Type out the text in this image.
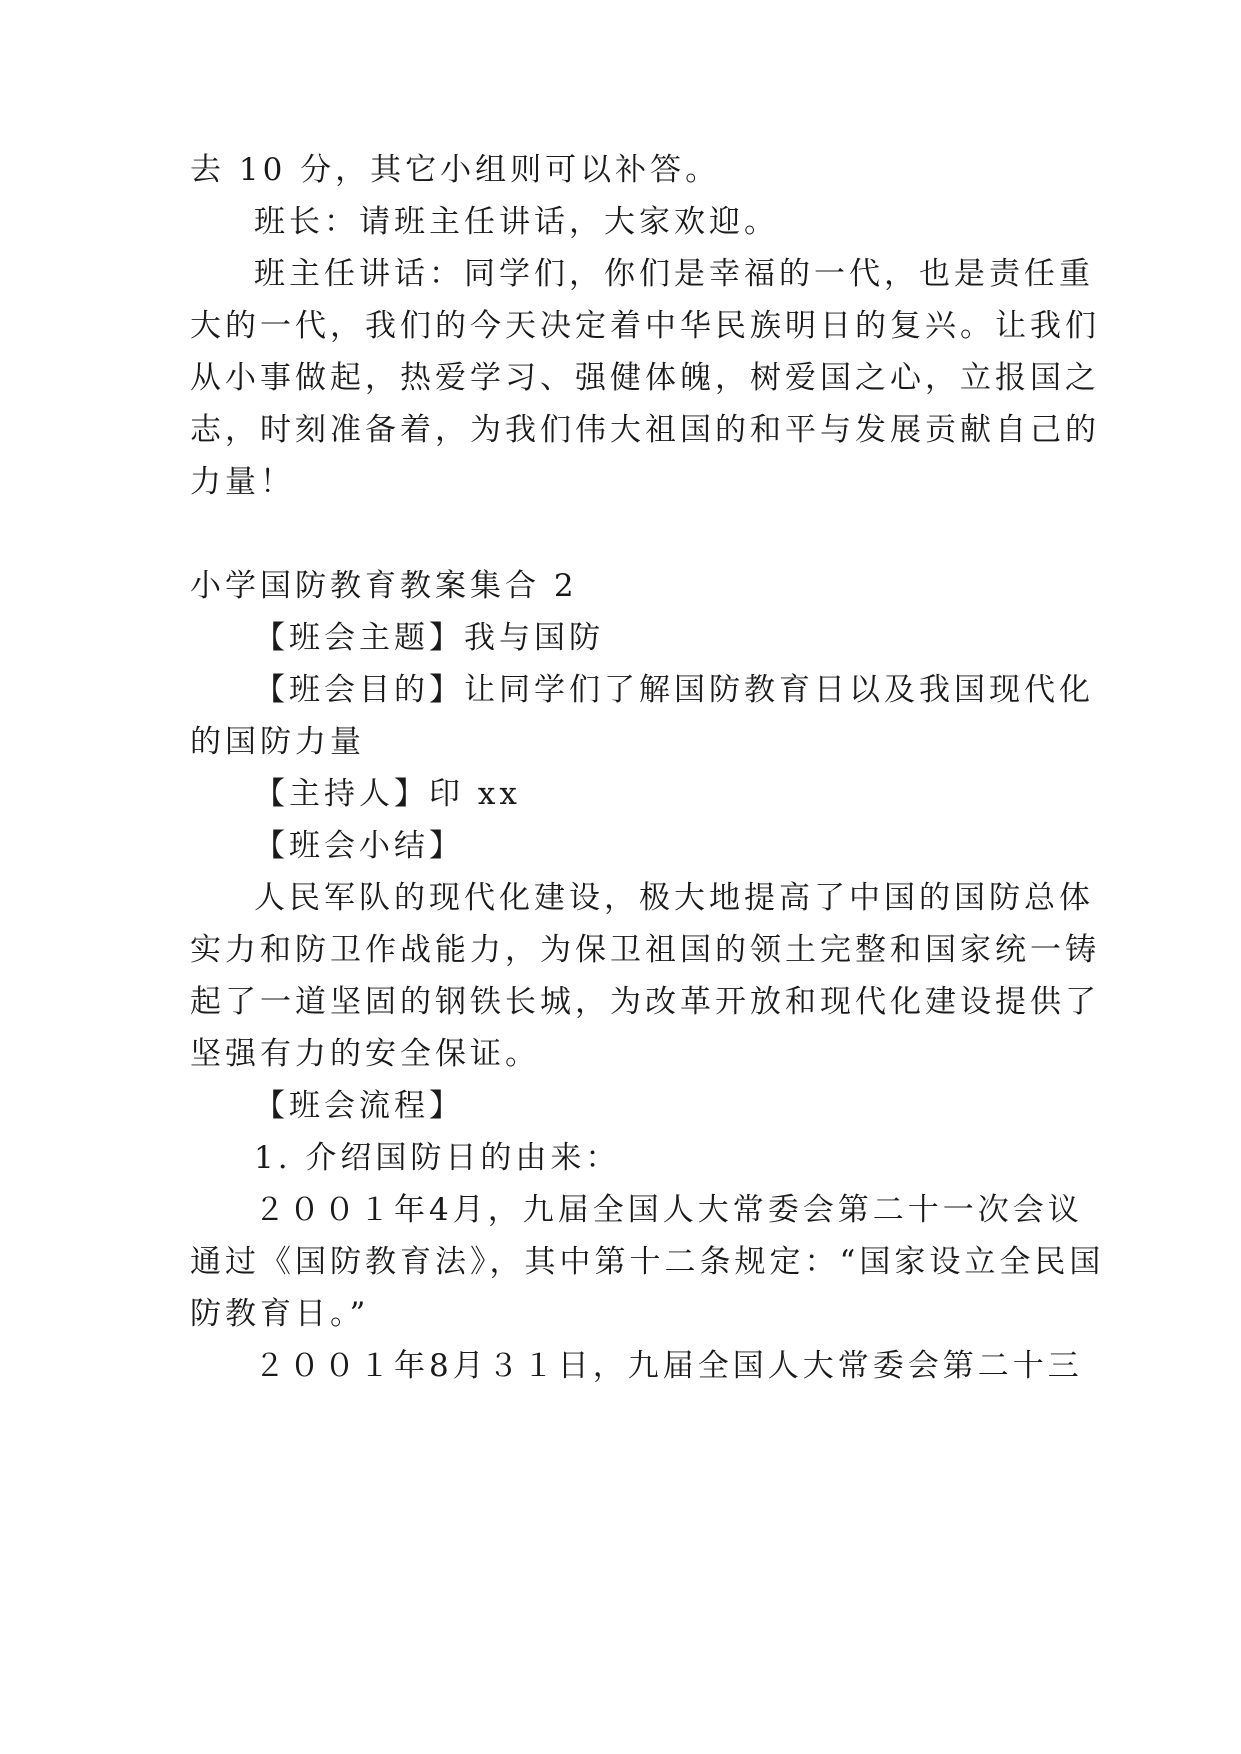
去 10 分，其它小组则可以补答。
班长：请班主任讲话，大家欢迎。
班主任讲话：同学们，你们是幸福的一代，也是责任重
大的一代，我们的今天决定着中华民族明日的复兴。让我们
从小事做起，热爱学习、强健体魄，树爱国之心，立报国之
志，时刻准备着，为我们伟大祖国的和平与发展贡献自己的
力量！
小学国防教育教案集合 2
【班会主题】我与国防
【班会目的】让同学们了解国防教育日以及我国现代化
的国防力量
【主持人】印 xx
【班会小结】
人民军队的现代化建设，极大地提高了中国的国防总体
实力和防卫作战能力，为保卫祖国的领土完整和国家统一铸
起了一道坚固的钢铁长城，为改革开放和现代化建设提供了
坚强有力的安全保证。
【班会流程】
1. 介绍国防日的由来：
２００１年4月，九届全国人大常委会第二十一次会议
通过《国防教育法》，其中第十二条规定：“国家设立全民国
防教育日。”
２００１年8月３１日，九届全国人大常委会第二十三
